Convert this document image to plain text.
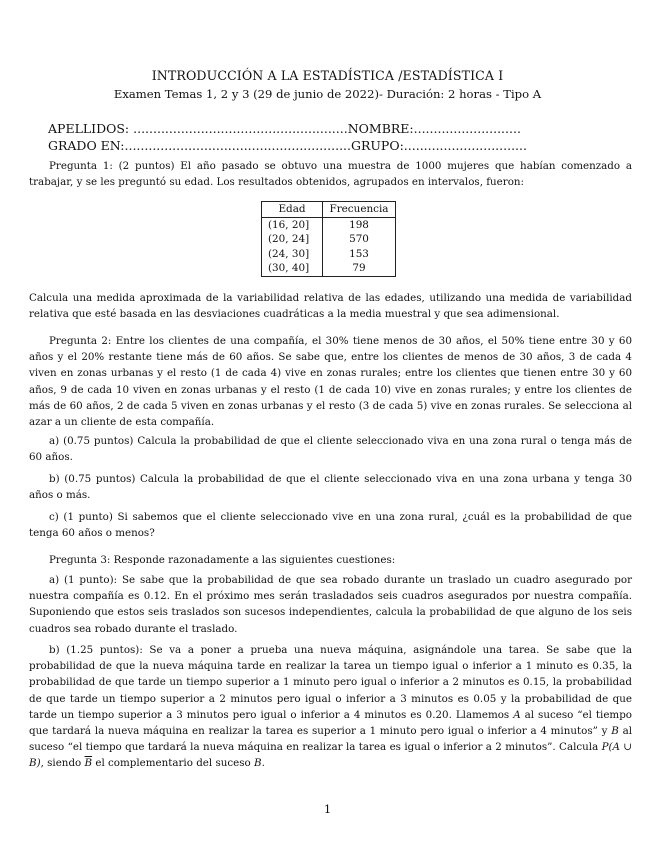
INTRODUCCIÓN A LA ESTADÍSTICA /ESTADÍSTICA I
Examen Temas 1, 2 y 3 (29 de junio de 2022)- Duración: 2 horas - Tipo A
APELLIDOS: ......................................................NOMBRE:...........................
GRADO EN:.........................................................GRUPO:...............................
Pregunta 1: (2 puntos) El año pasado se obtuvo una muestra de 1000 mujeres que habían comenzado a trabajar, y se les preguntó su edad. Los resultados obtenidos, agrupados en intervalos, fueron:
Edad	Frecuencia
(16, 20]	198
(20, 24]	570
(24, 30]	153
(30, 40]	79
Calcula una medida aproximada de la variabilidad relativa de las edades, utilizando una medida de variabilidad relativa que esté basada en las desviaciones cuadráticas a la media muestral y que sea adimensional.
Pregunta 2: Entre los clientes de una compañía, el 30% tiene menos de 30 años, el 50% tiene entre 30 y 60 años y el 20% restante tiene más de 60 años. Se sabe que, entre los clientes de menos de 30 años, 3 de cada 4 viven en zonas urbanas y el resto (1 de cada 4) vive en zonas rurales; entre los clientes que tienen entre 30 y 60 años, 9 de cada 10 viven en zonas urbanas y el resto (1 de cada 10) vive en zonas rurales; y entre los clientes de más de 60 años, 2 de cada 5 viven en zonas urbanas y el resto (3 de cada 5) vive en zonas rurales. Se selecciona al azar a un cliente de esta compañía.
a) (0.75 puntos) Calcula la probabilidad de que el cliente seleccionado viva en una zona rural o tenga más de 60 años.
b) (0.75 puntos) Calcula la probabilidad de que el cliente seleccionado viva en una zona urbana y tenga 30 años o más.
c) (1 punto) Si sabemos que el cliente seleccionado vive en una zona rural, ¿cuál es la probabilidad de que tenga 60 años o menos?
Pregunta 3: Responde razonadamente a las siguientes cuestiones:
a) (1 punto): Se sabe que la probabilidad de que sea robado durante un traslado un cuadro asegurado por nuestra compañía es 0.12. En el próximo mes serán trasladados seis cuadros asegurados por nuestra compañía. Suponiendo que estos seis traslados son sucesos independientes, calcula la probabilidad de que alguno de los seis cuadros sea robado durante el traslado.
b) (1.25 puntos): Se va a poner a prueba una nueva máquina, asignándole una tarea. Se sabe que la probabilidad de que la nueva máquina tarde en realizar la tarea un tiempo igual o inferior a 1 minuto es 0.35, la probabilidad de que tarde un tiempo superior a 1 minuto pero igual o inferior a 2 minutos es 0.15, la probabilidad de que tarde un tiempo superior a 2 minutos pero igual o inferior a 3 minutos es 0.05 y la probabilidad de que tarde un tiempo superior a 3 minutos pero igual o inferior a 4 minutos es 0.20. Llamemos A al suceso “el tiempo que tardará la nueva máquina en realizar la tarea es superior a 1 minuto pero igual o inferior a 4 minutos” y B al suceso “el tiempo que tardará la nueva máquina en realizar la tarea es igual o inferior a 2 minutos”. Calcula P(A ∪ B), siendo $\overline{B}$ el complementario del suceso B.
1
